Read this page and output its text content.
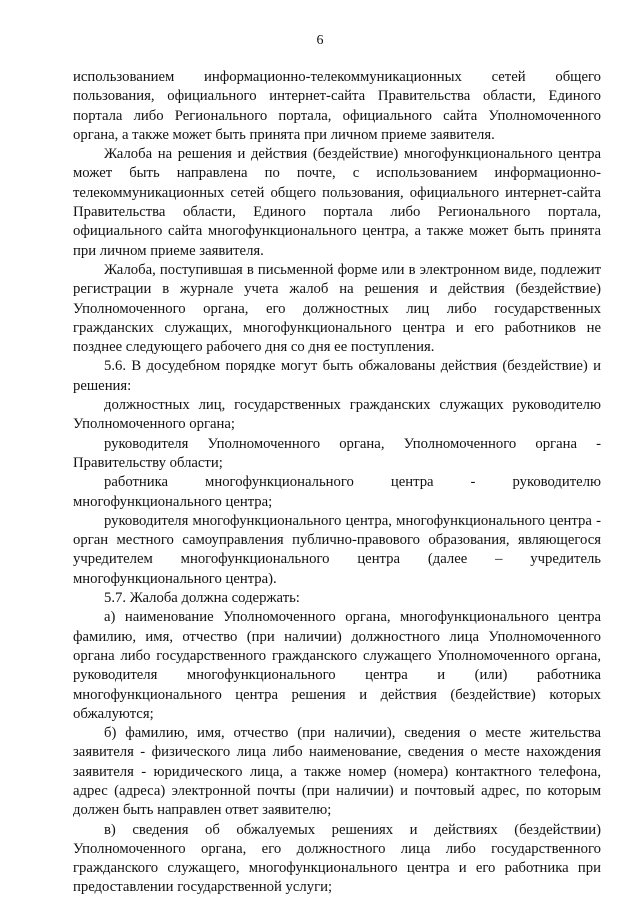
6

использованием информационно-телекоммуникационных сетей общего пользования, официального интернет-сайта Правительства области, Единого портала либо Регионального портала, официального сайта Уполномоченного органа, а также может быть принята при личном приеме заявителя.

Жалоба на решения и действия (бездействие) многофункционального центра может быть направлена по почте, с использованием информационно-телекоммуникационных сетей общего пользования, официального интернет-сайта Правительства области, Единого портала либо Регионального портала, официального сайта многофункционального центра, а также может быть принята при личном приеме заявителя.

Жалоба, поступившая в письменной форме или в электронном виде, подлежит регистрации в журнале учета жалоб на решения и действия (бездействие) Уполномоченного органа, его должностных лиц либо государственных гражданских служащих, многофункционального центра и его работников не позднее следующего рабочего дня со дня ее поступления.

5.6. В досудебном порядке могут быть обжалованы действия (бездействие) и решения:

должностных лиц, государственных гражданских служащих руководителю Уполномоченного органа;

руководителя Уполномоченного органа, Уполномоченного органа - Правительству области;

работника многофункционального центра - руководителю многофункционального центра;

руководителя многофункционального центра, многофункционального центра - орган местного самоуправления публично-правового образования, являющегося учредителем многофункционального центра (далее – учредитель многофункционального центра).

5.7. Жалоба должна содержать:

а) наименование Уполномоченного органа, многофункционального центра фамилию, имя, отчество (при наличии) должностного лица Уполномоченного органа либо государственного гражданского служащего Уполномоченного органа, руководителя многофункционального центра и (или) работника многофункционального центра решения и действия (бездействие) которых обжалуются;

б) фамилию, имя, отчество (при наличии), сведения о месте жительства заявителя - физического лица либо наименование, сведения о месте нахождения заявителя - юридического лица, а также номер (номера) контактного телефона, адрес (адреса) электронной почты (при наличии) и почтовый адрес, по которым должен быть направлен ответ заявителю;

в) сведения об обжалуемых решениях и действиях (бездействии) Уполномоченного органа, его должностного лица либо государственного гражданского служащего, многофункционального центра и его работника при предоставлении государственной услуги;
